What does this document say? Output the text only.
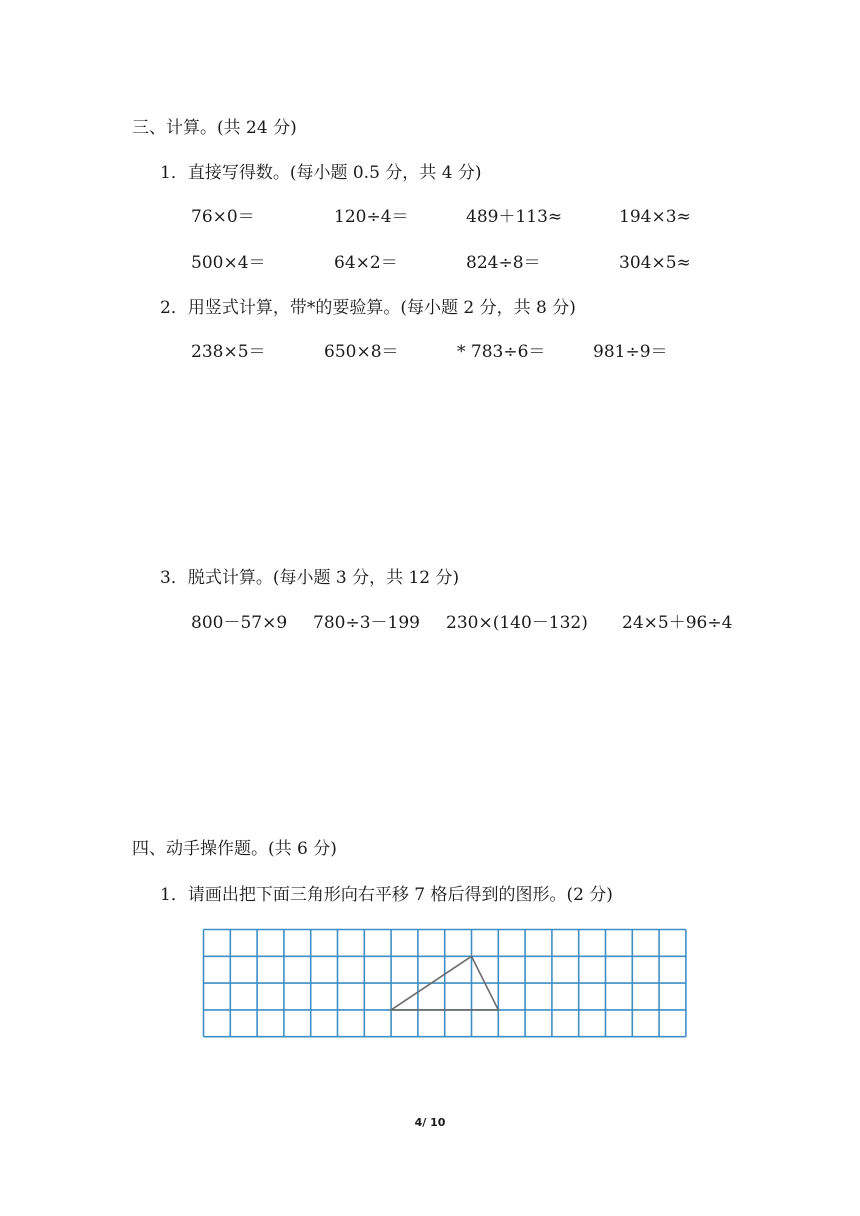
三、计算。(共 24 分)
1．直接写得数。(每小题 0.5 分，共 4 分)
76×0＝	120÷4＝	489＋113≈	194×3≈
500×4＝	64×2＝	824÷8＝	304×5≈
2．用竖式计算，带*的要验算。(每小题 2 分，共 8 分)
238×5＝	650×8＝	* 783÷6＝	981÷9＝
3．脱式计算。(每小题 3 分，共 12 分)
800－57×9 780÷3－199 230×(140－132) 24×5＋96÷4
四、动手操作题。(共 6 分)
1．请画出把下面三角形向右平移 7 格后得到的图形。(2 分)
4/ 10
